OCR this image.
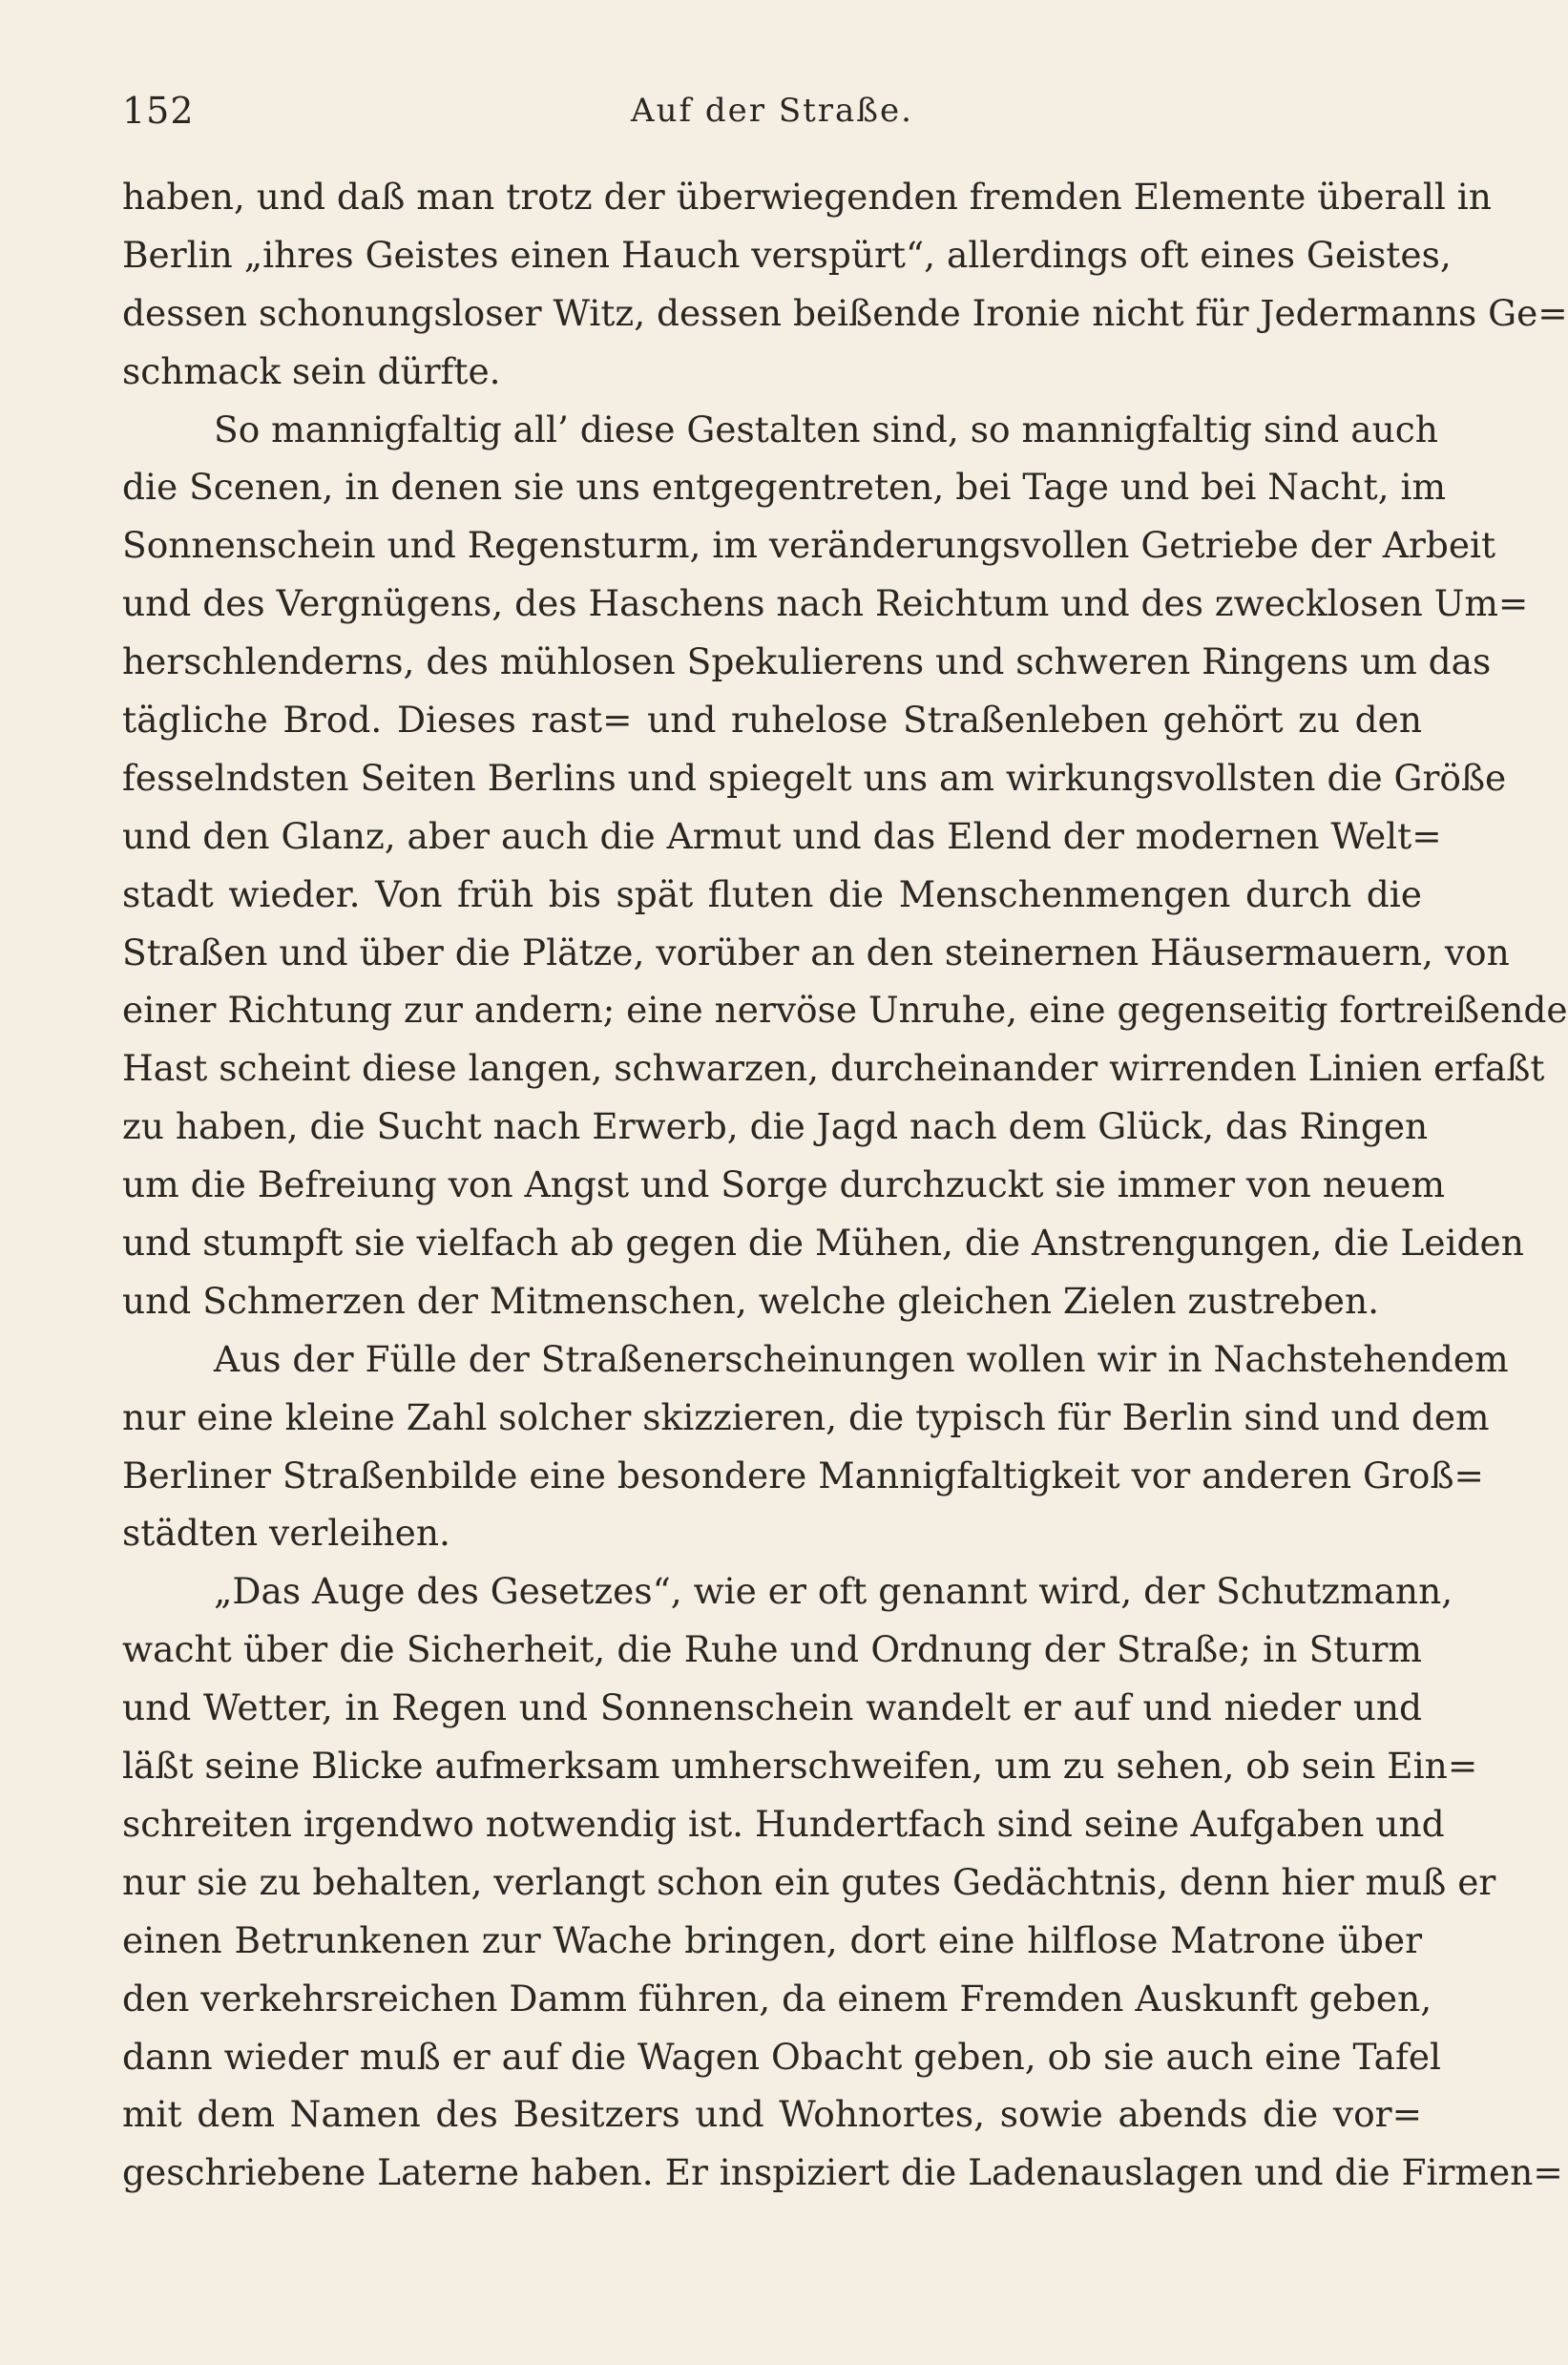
152	Auf der Straße.
haben, und daß man trotz der überwiegenden fremden Elemente überall in
Berlin „ihres Geistes einen Hauch verspürt“, allerdings oft eines Geistes,
dessen schonungsloser Witz, dessen beißende Ironie nicht für Jedermanns Ge=
schmack sein dürfte.
So mannigfaltig all’ diese Gestalten sind, so mannigfaltig sind auch
die Scenen, in denen sie uns entgegentreten, bei Tage und bei Nacht, im
Sonnenschein und Regensturm, im veränderungsvollen Getriebe der Arbeit
und des Vergnügens, des Haschens nach Reichtum und des zwecklosen Um=
herschlenderns, des mühlosen Spekulierens und schweren Ringens um das
tägliche Brod. Dieses rast= und ruhelose Straßenleben gehört zu den
fesselndsten Seiten Berlins und spiegelt uns am wirkungsvollsten die Größe
und den Glanz, aber auch die Armut und das Elend der modernen Welt=
stadt wieder. Von früh bis spät fluten die Menschenmengen durch die
Straßen und über die Plätze, vorüber an den steinernen Häusermauern, von
einer Richtung zur andern; eine nervöse Unruhe, eine gegenseitig fortreißende
Hast scheint diese langen, schwarzen, durcheinander wirrenden Linien erfaßt
zu haben, die Sucht nach Erwerb, die Jagd nach dem Glück, das Ringen
um die Befreiung von Angst und Sorge durchzuckt sie immer von neuem
und stumpft sie vielfach ab gegen die Mühen, die Anstrengungen, die Leiden
und Schmerzen der Mitmenschen, welche gleichen Zielen zustreben.
Aus der Fülle der Straßenerscheinungen wollen wir in Nachstehendem
nur eine kleine Zahl solcher skizzieren, die typisch für Berlin sind und dem
Berliner Straßenbilde eine besondere Mannigfaltigkeit vor anderen Groß=
städten verleihen.
„Das Auge des Gesetzes“, wie er oft genannt wird, der Schutzmann,
wacht über die Sicherheit, die Ruhe und Ordnung der Straße; in Sturm
und Wetter, in Regen und Sonnenschein wandelt er auf und nieder und
läßt seine Blicke aufmerksam umherschweifen, um zu sehen, ob sein Ein=
schreiten irgendwo notwendig ist. Hundertfach sind seine Aufgaben und
nur sie zu behalten, verlangt schon ein gutes Gedächtnis, denn hier muß er
einen Betrunkenen zur Wache bringen, dort eine hilflose Matrone über
den verkehrsreichen Damm führen, da einem Fremden Auskunft geben,
dann wieder muß er auf die Wagen Obacht geben, ob sie auch eine Tafel
mit dem Namen des Besitzers und Wohnortes, sowie abends die vor=
geschriebene Laterne haben. Er inspiziert die Ladenauslagen und die Firmen=
